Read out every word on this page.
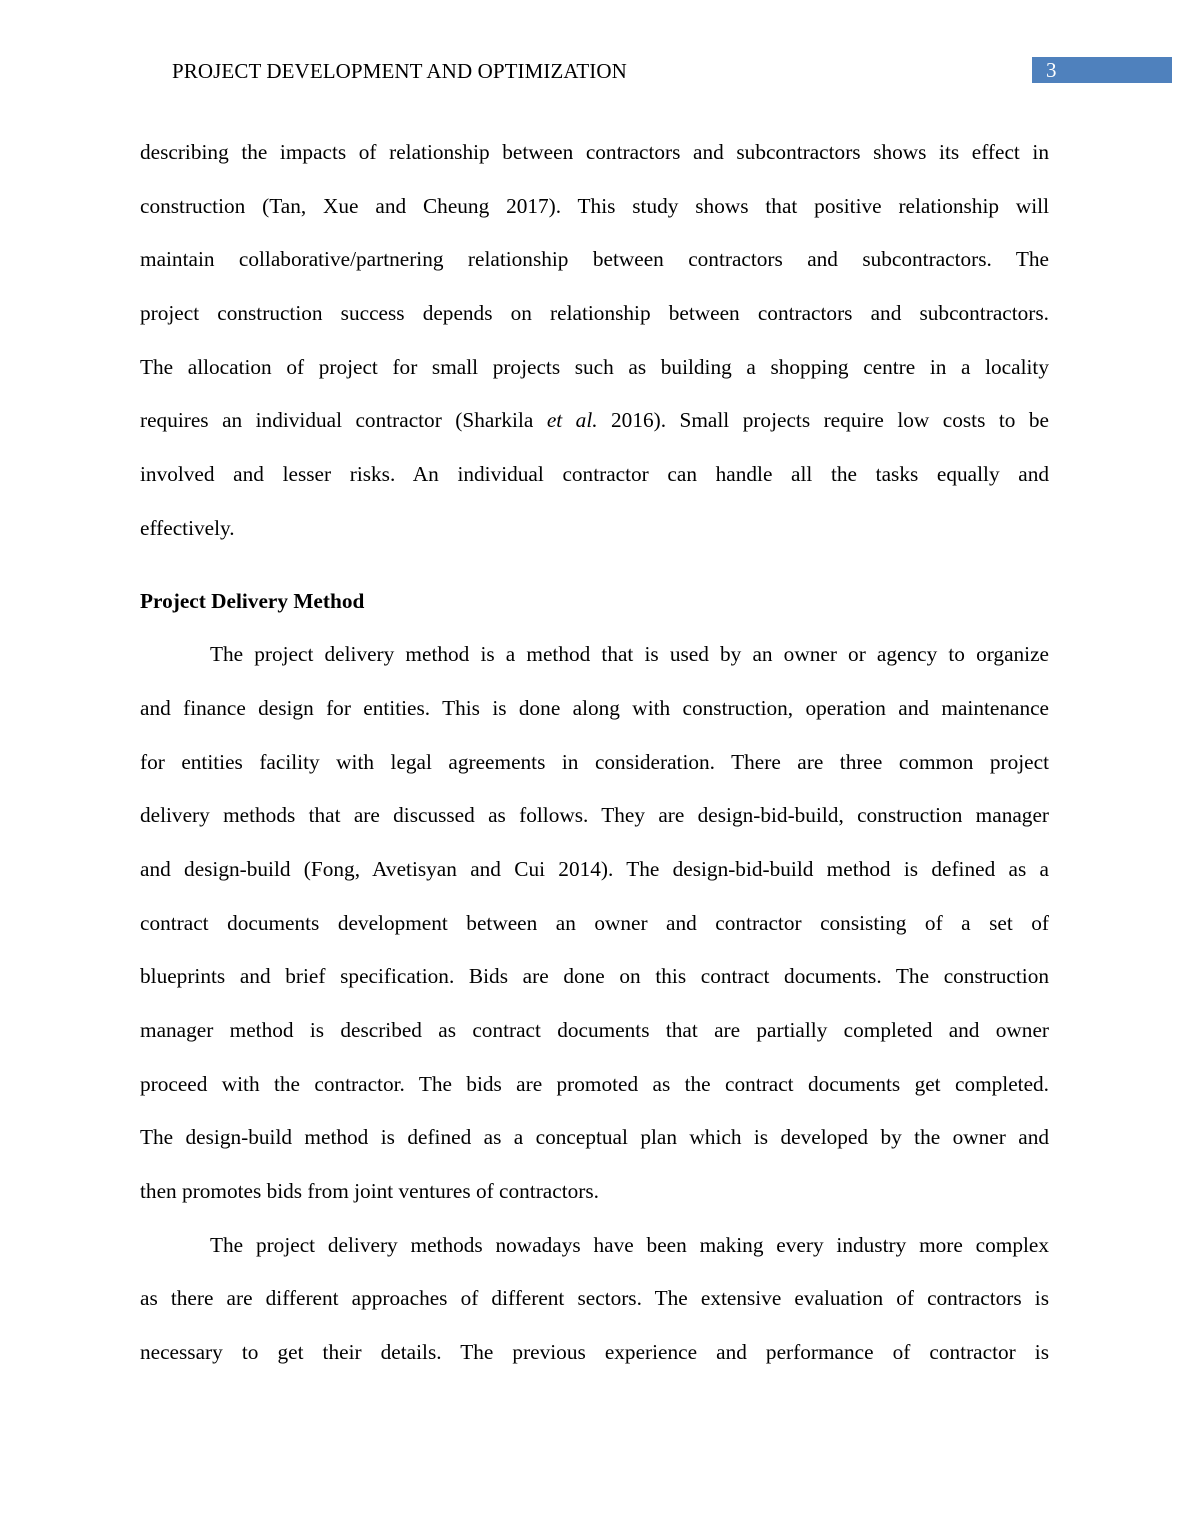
PROJECT DEVELOPMENT AND OPTIMIZATION	3
describing the impacts of relationship between contractors and subcontractors shows its effect in
construction (Tan, Xue and Cheung 2017). This study shows that positive relationship will
maintain collaborative/partnering relationship between contractors and subcontractors. The
project construction success depends on relationship between contractors and subcontractors.
The allocation of project for small projects such as building a shopping centre in a locality
requires an individual contractor (Sharkila et al. 2016). Small projects require low costs to be
involved and lesser risks. An individual contractor can handle all the tasks equally and
effectively.
Project Delivery Method
The project delivery method is a method that is used by an owner or agency to organize
and finance design for entities. This is done along with construction, operation and maintenance
for entities facility with legal agreements in consideration. There are three common project
delivery methods that are discussed as follows. They are design-bid-build, construction manager
and design-build (Fong, Avetisyan and Cui 2014). The design-bid-build method is defined as a
contract documents development between an owner and contractor consisting of a set of
blueprints and brief specification. Bids are done on this contract documents. The construction
manager method is described as contract documents that are partially completed and owner
proceed with the contractor. The bids are promoted as the contract documents get completed.
The design-build method is defined as a conceptual plan which is developed by the owner and
then promotes bids from joint ventures of contractors.
The project delivery methods nowadays have been making every industry more complex
as there are different approaches of different sectors. The extensive evaluation of contractors is
necessary to get their details. The previous experience and performance of contractor is
